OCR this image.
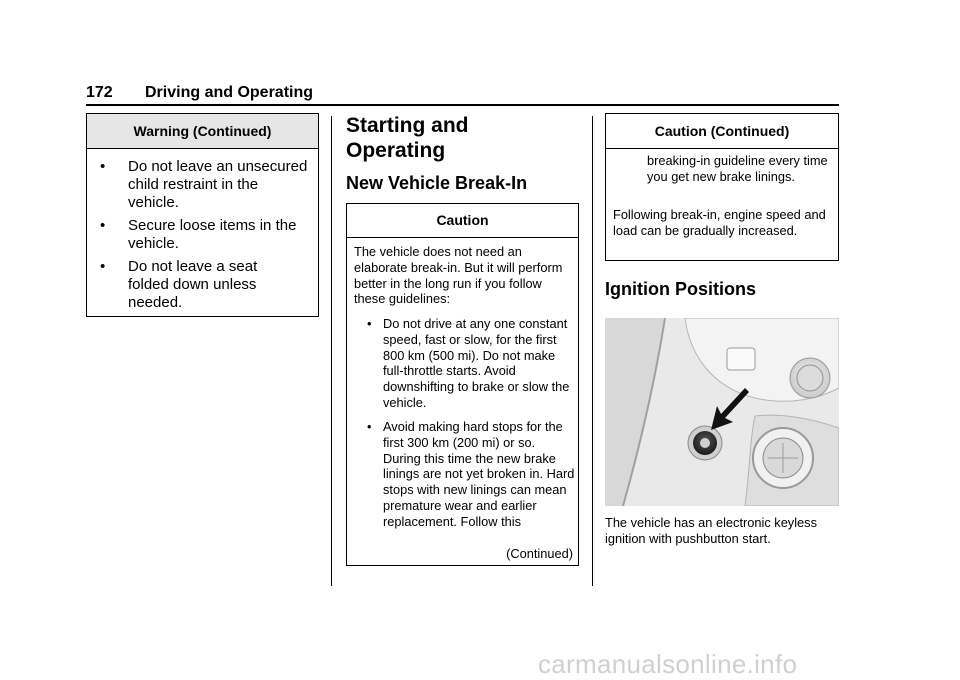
172 Driving and Operating
Warning (Continued)
• Do not leave an unsecured child restraint in the vehicle.
• Secure loose items in the vehicle.
• Do not leave a seat folded down unless needed.
Starting and Operating
New Vehicle Break-In
Caution
The vehicle does not need an elaborate break-in. But it will perform better in the long run if you follow these guidelines:
• Do not drive at any one constant speed, fast or slow, for the first 800 km (500 mi). Do not make full-throttle starts. Avoid downshifting to brake or slow the vehicle.
• Avoid making hard stops for the first 300 km (200 mi) or so. During this time the new brake linings are not yet broken in. Hard stops with new linings can mean premature wear and earlier replacement. Follow this
(Continued)
Caution (Continued)
breaking-in guideline every time you get new brake linings.
Following break-in, engine speed and load can be gradually increased.
Ignition Positions
The vehicle has an electronic keyless ignition with pushbutton start.
carmanualsonline.info
